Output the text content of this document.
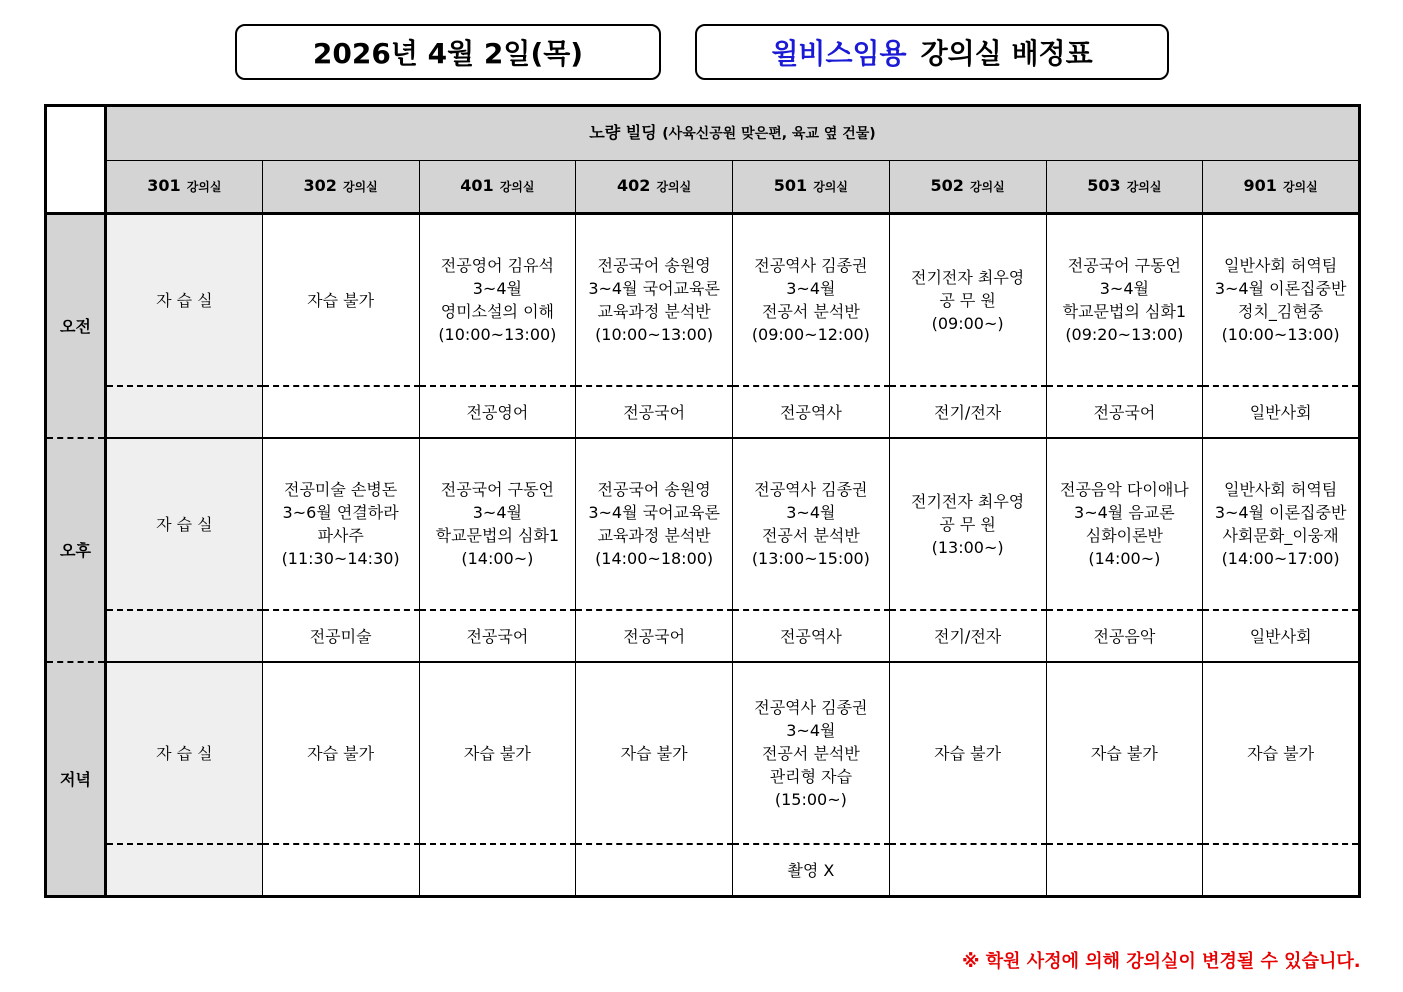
2026년 4월 2일(목)	윌비스임용 강의실 배정표
	노량 빌딩 (사육신공원 맞은편, 육교 옆 건물)							
	301 강의실	302 강의실	401 강의실	402 강의실	501 강의실	502 강의실	503 강의실	901 강의실
오전	자 습 실	자습 불가	전공영어 김유석
3~4월
영미소설의 이해
(10:00~13:00)	전공국어 송원영
3~4월 국어교육론
교육과정 분석반
(10:00~13:00)	전공역사 김종권
3~4월
전공서 분석반
(09:00~12:00)	전기전자 최우영
공 무 원
(09:00~)	전공국어 구동언
3~4월
학교문법의 심화1
(09:20~13:00)	일반사회 허역팀
3~4월 이론집중반
정치_김현중
(10:00~13:00)

			전공영어	전공국어	전공역사	전기/전자	전공국어	일반사회
오후	자 습 실	전공미술 손병돈
3~6월 연결하라
파사주
(11:30~14:30)	전공국어 구동언
3~4월
학교문법의 심화1
(14:00~)	전공국어 송원영
3~4월 국어교육론
교육과정 분석반
(14:00~18:00)	전공역사 김종권
3~4월
전공서 분석반
(13:00~15:00)	전기전자 최우영
공 무 원
(13:00~)	전공음악 다이애나
3~4월 음교론
심화이론반
(14:00~)	일반사회 허역팀
3~4월 이론집중반
사회문화_이웅재
(14:00~17:00)

		전공미술	전공국어	전공국어	전공역사	전기/전자	전공음악	일반사회
저녁	자 습 실	자습 불가	자습 불가	자습 불가	전공역사 김종권
3~4월
전공서 분석반
관리형 자습
(15:00~)	자습 불가	자습 불가	자습 불가

					촬영 X			
※ 학원 사정에 의해 강의실이 변경될 수 있습니다.
